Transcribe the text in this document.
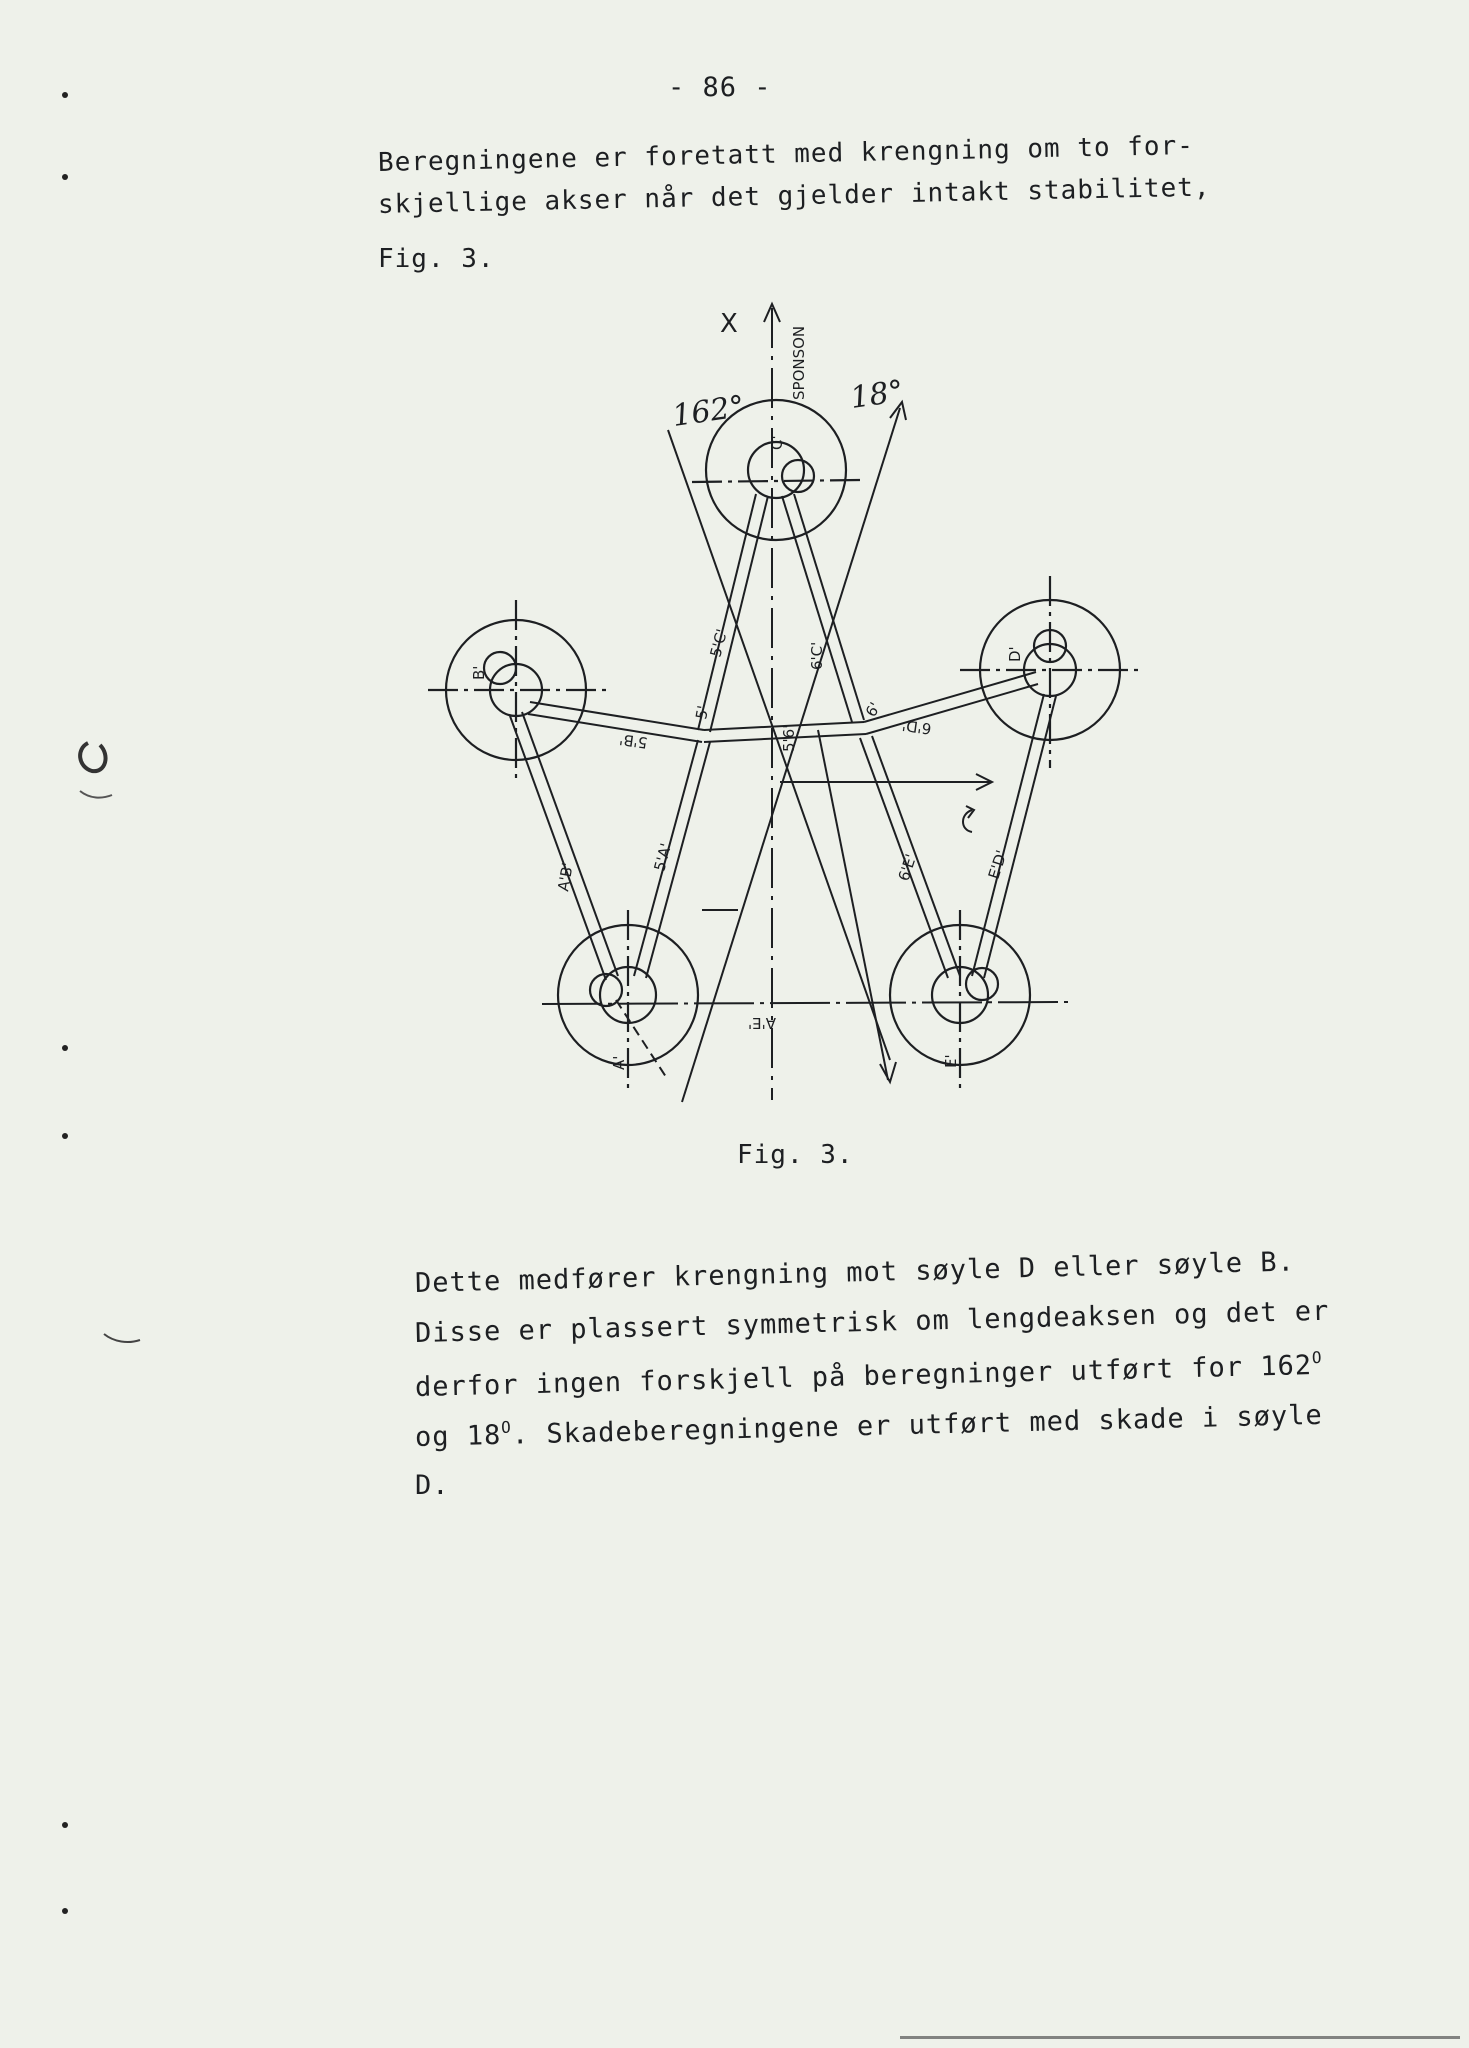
- 86 -
Beregningene er foretatt med krengning om to for-
skjellige akser når det gjelder intakt stabilitet,
Fig. 3.
X
SPONSON
162°	18°
C'
B'
D'
A'	E'
5'C'	6'C'
5'B'
6'D'
5'	6'
5'6'
5'A'
A'B'	6'E'	E'D'
A'E'
Fig. 3.
Dette medfører krengning mot søyle D eller søyle B.
Disse er plassert symmetrisk om lengdeaksen og det er
derfor ingen forskjell på beregninger utført for $162^O$
og $18^O$. Skadeberegningene er utført med skade i søyle
D.
